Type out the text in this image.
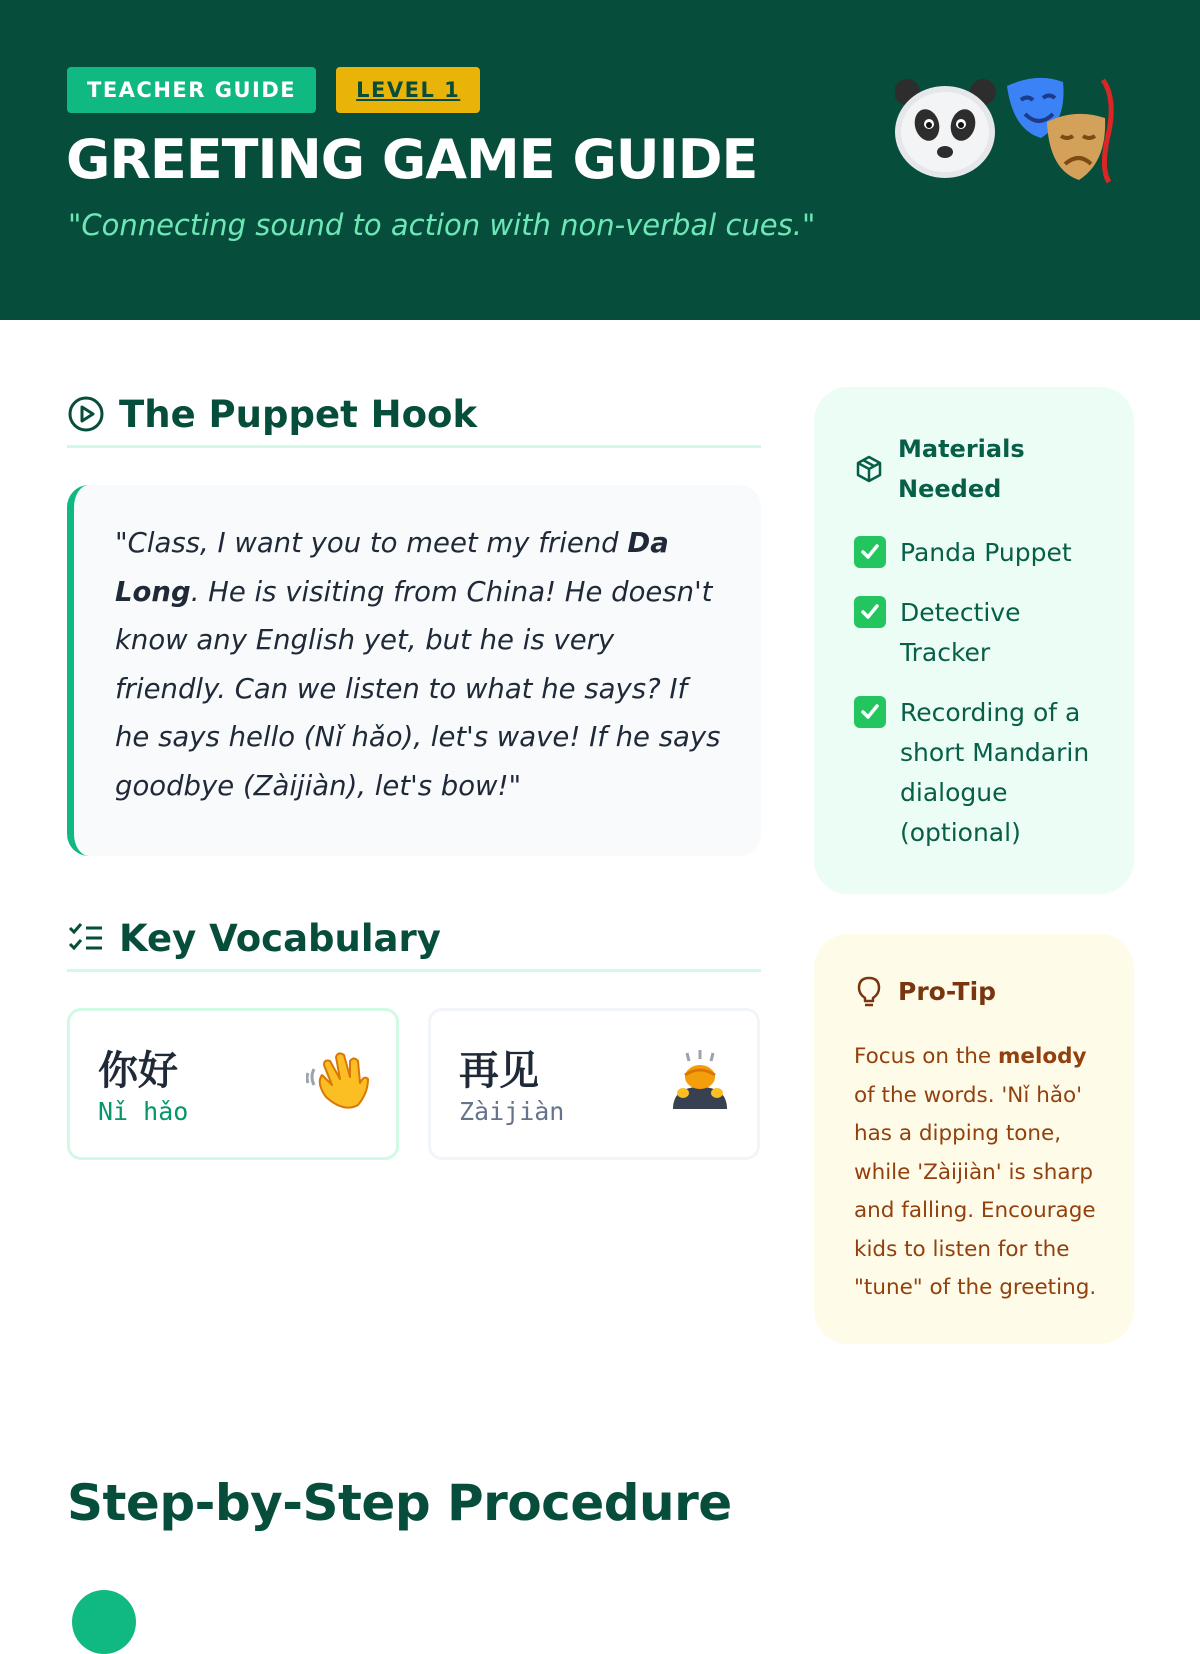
TEACHER GUIDE	LEVEL 1
GREETING GAME GUIDE

"Connecting sound to action with non-verbal cues."

The Puppet Hook

"Class, I want you to meet my friend Da Long. He is visiting from China! He doesn't know any English yet, but he is very friendly. Can we listen to what he says? If he says hello (Nǐ hǎo), let's wave! If he says goodbye (Zàijiàn), let's bow!"

Key Vocabulary
你好
Nǐ hǎo
再见
Zàijiàn
Materials Needed
Panda Puppet
Detective Tracker
Recording of a short Mandarin dialogue (optional)
Pro-Tip

Focus on the melody of the words. 'Nǐ hǎo' has a dipping tone, while 'Zàijiàn' is sharp and falling. Encourage kids to listen for the "tune" of the greeting.

Step-by-Step Procedure
